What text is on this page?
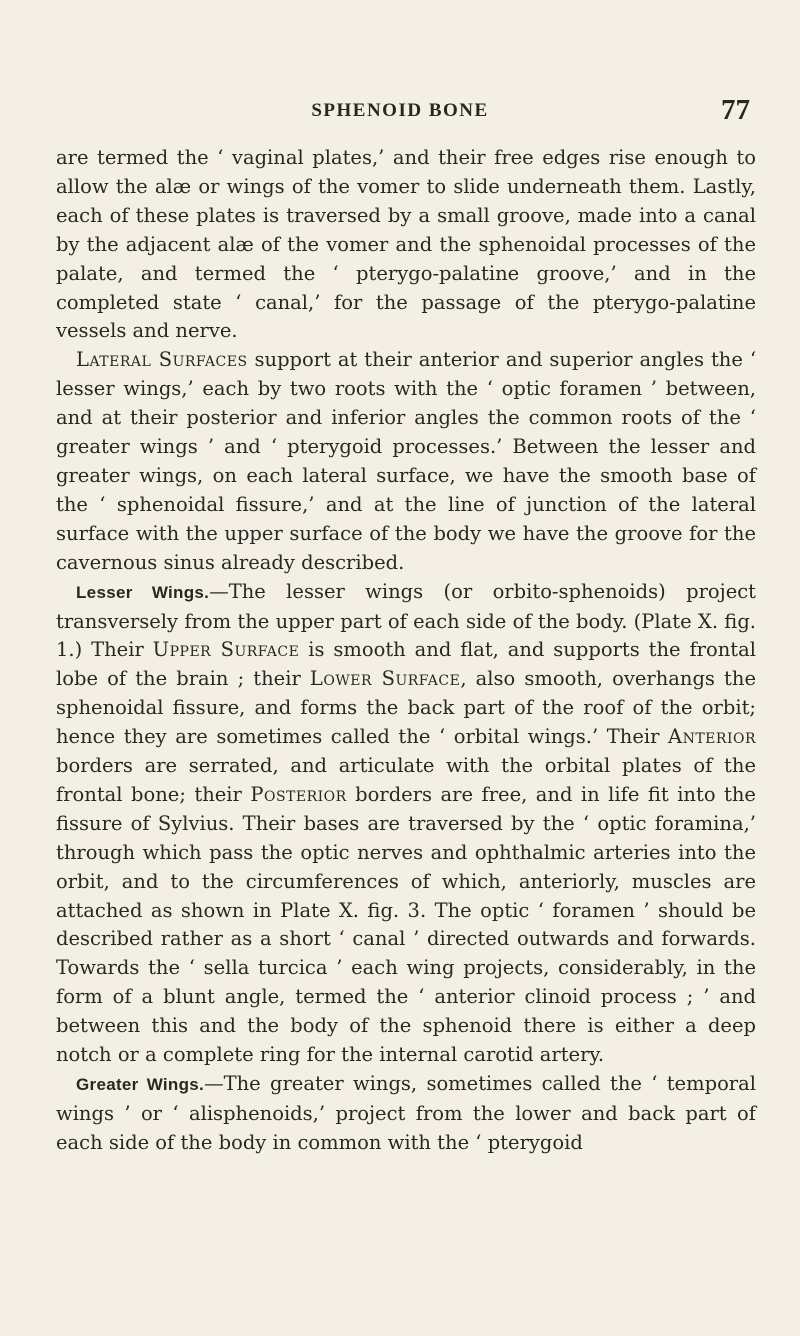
SPHENOID BONE	77

are termed the ‘ vaginal plates,’ and their free edges rise enough to allow the alæ or wings of the vomer to slide underneath them. Lastly, each of these plates is traversed by a small groove, made into a canal by the adjacent alæ of the vomer and the sphenoidal processes of the palate, and termed the ‘ pterygo-palatine groove,’ and in the completed state ‘ canal,’ for the passage of the pterygo-palatine vessels and nerve.

Lateral Surfaces support at their anterior and superior angles the ‘ lesser wings,’ each by two roots with the ‘ optic foramen ’ between, and at their posterior and inferior angles the common roots of the ‘ greater wings ’ and ‘ pterygoid processes.’ Between the lesser and greater wings, on each lateral surface, we have the smooth base of the ‘ sphenoidal fissure,’ and at the line of junction of the lateral surface with the upper surface of the body we have the groove for the cavernous sinus already described.

Lesser Wings.—The lesser wings (or orbito-sphenoids) project transversely from the upper part of each side of the body. (Plate X. fig. 1.) Their Upper Surface is smooth and flat, and supports the frontal lobe of the brain ; their Lower Surface, also smooth, overhangs the sphenoidal fissure, and forms the back part of the roof of the orbit; hence they are sometimes called the ‘ orbital wings.’ Their Anterior borders are serrated, and articulate with the orbital plates of the frontal bone; their Posterior borders are free, and in life fit into the fissure of Sylvius. Their bases are traversed by the ‘ optic foramina,’ through which pass the optic nerves and ophthalmic arteries into the orbit, and to the circumferences of which, anteriorly, muscles are attached as shown in Plate X. fig. 3. The optic ‘ foramen ’ should be described rather as a short ‘ canal ’ directed outwards and forwards. Towards the ‘ sella turcica ’ each wing projects, considerably, in the form of a blunt angle, termed the ‘ anterior clinoid process ; ’ and between this and the body of the sphenoid there is either a deep notch or a complete ring for the internal carotid artery.

Greater Wings.—The greater wings, sometimes called the ‘ temporal wings ’ or ‘ alisphenoids,’ project from the lower and back part of each side of the body in common with the ‘ pterygoid
